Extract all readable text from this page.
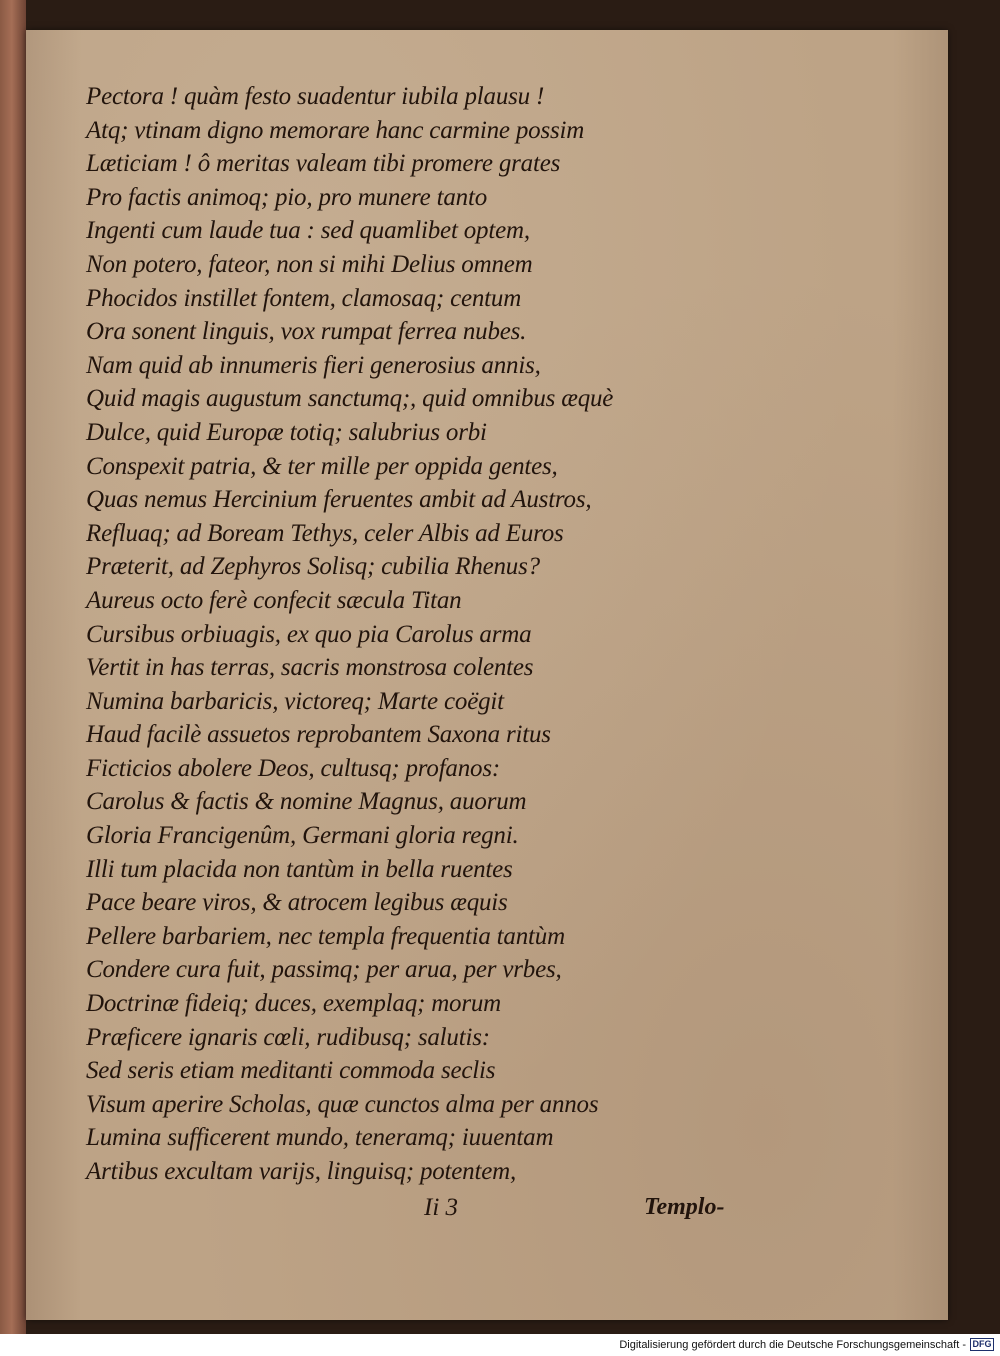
Pectora ! quàm festo suadentur iubila plausu !
Atq; vtinam digno memorare hanc carmine possim
Læticiam ! ô meritas valeam tibi promere grates
Pro factis animoq; pio, pro munere tanto
Ingenti cum laude tua : sed quamlibet optem,
Non potero, fateor, non si mihi Delius omnem
Phocidos instillet fontem, clamosaq; centum
Ora sonent linguis, vox rumpat ferrea nubes.
Nam quid ab innumeris fieri generosius annis,
Quid magis augustum sanctumq;, quid omnibus æquè
Dulce, quid Europæ totiq; salubrius orbi
Conspexit patria, & ter mille per oppida gentes,
Quas nemus Hercinium feruentes ambit ad Austros,
Refluaq; ad Boream Tethys, celer Albis ad Euros
Præterit, ad Zephyros Solisq; cubilia Rhenus?
Aureus octo ferè confecit sæcula Titan
Cursibus orbiuagis, ex quo pia Carolus arma
Vertit in has terras, sacris monstrosa colentes
Numina barbaricis, victoreq; Marte coëgit
Haud facilè assuetos reprobantem Saxona ritus
Ficticios abolere Deos, cultusq; profanos:
Carolus & factis & nomine Magnus, auorum
Gloria Francigenûm, Germani gloria regni.
Illi tum placida non tantùm in bella ruentes
Pace beare viros, & atrocem legibus æquis
Pellere barbariem, nec templa frequentia tantùm
Condere cura fuit, passimq; per arua, per vrbes,
Doctrinæ fideiq; duces, exemplaq; morum
Præficere ignaris cœli, rudibusq; salutis:
Sed seris etiam meditanti commoda seclis
Visum aperire Scholas, quæ cunctos alma per annos
Lumina sufficerent mundo, teneramq; iuuentam
Artibus excultam varijs, linguisq; potentem,
Ii 3	Templo-
Digitalisierung gefördert durch die Deutsche Forschungsgemeinschaft - DFG
